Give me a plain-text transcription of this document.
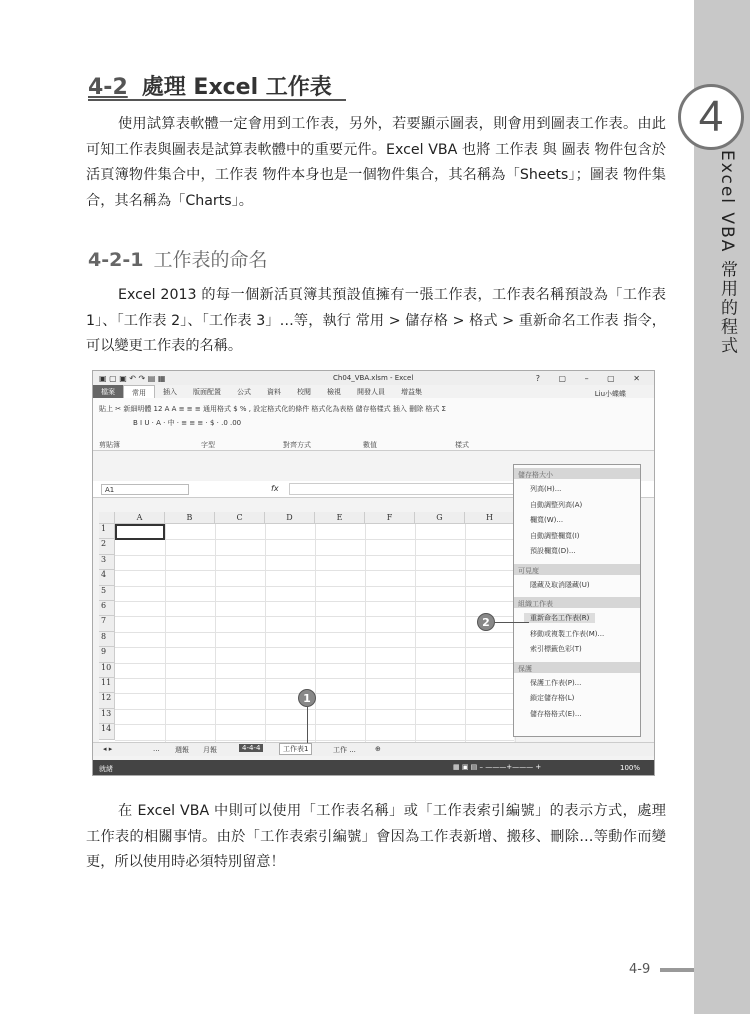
4
Excel VBA 常用的程式
4-2 處理 Excel 工作表
使用試算表軟體一定會用到工作表，另外，若要顯示圖表，則會用到圖表工作表。由此可知工作表與圖表是試算表軟體中的重要元件。Excel VBA 也將 工作表 與 圖表 物件包含於活頁簿物件集合中，工作表 物件本身也是一個物件集合，其名稱為「Sheets」；圖表 物件集合，其名稱為「Charts」。
4-2-1 工作表的命名
Excel 2013 的每一個新活頁簿其預設值擁有一張工作表，工作表名稱預設為「工作表 1」、「工作表 2」、「工作表 3」…等，執行 常用 > 儲存格 > 格式 > 重新命名工作表 指令，可以變更工作表的名稱。
▣ ▢ ▣ ↶ ↷ ▤ ▦	Ch04_VBA.xlsm - Excel	? ▢ – ▢ ✕
檔案	常用	插入	版面配置	公式	資料	校閱	檢視	開發人員	增益集	Liu小蝶蝶
貼上 ✂ 新細明體 12 A A ≡ ≡ ≡ 通用格式 $ % , 設定格式化的條件 格式化為表格 儲存格樣式 插入 刪除 格式 Σ
B I U · A · 中 · ≡ ≡ ≡ · $ · .0 .00
剪貼簿	字型	對齊方式	數值	樣式
A1	fx
A	B	C	D	E	F	G	H
1
2
3
4
5
6
7
8
9
10
11
12
13
14
◂ ▸	... 週報 月報	4-4-4	工作表1	工作 ...	⊕
就緒	▦ ▣ ▤ – ———+——— +	100%
儲存格大小
列高(H)...
自動調整列高(A)
欄寬(W)...
自動調整欄寬(I)
預設欄寬(D)...
可見度
隱藏及取消隱藏(U)
組織工作表
重新命名工作表(R)
移動或複製工作表(M)...
索引標籤色彩(T)
保護
保護工作表(P)...
鎖定儲存格(L)
儲存格格式(E)...
1
2
在 Excel VBA 中則可以使用「工作表名稱」或「工作表索引編號」的表示方式，處理工作表的相關事情。由於「工作表索引編號」會因為工作表新增、搬移、刪除…等動作而變更，所以使用時必須特別留意！
4-9
